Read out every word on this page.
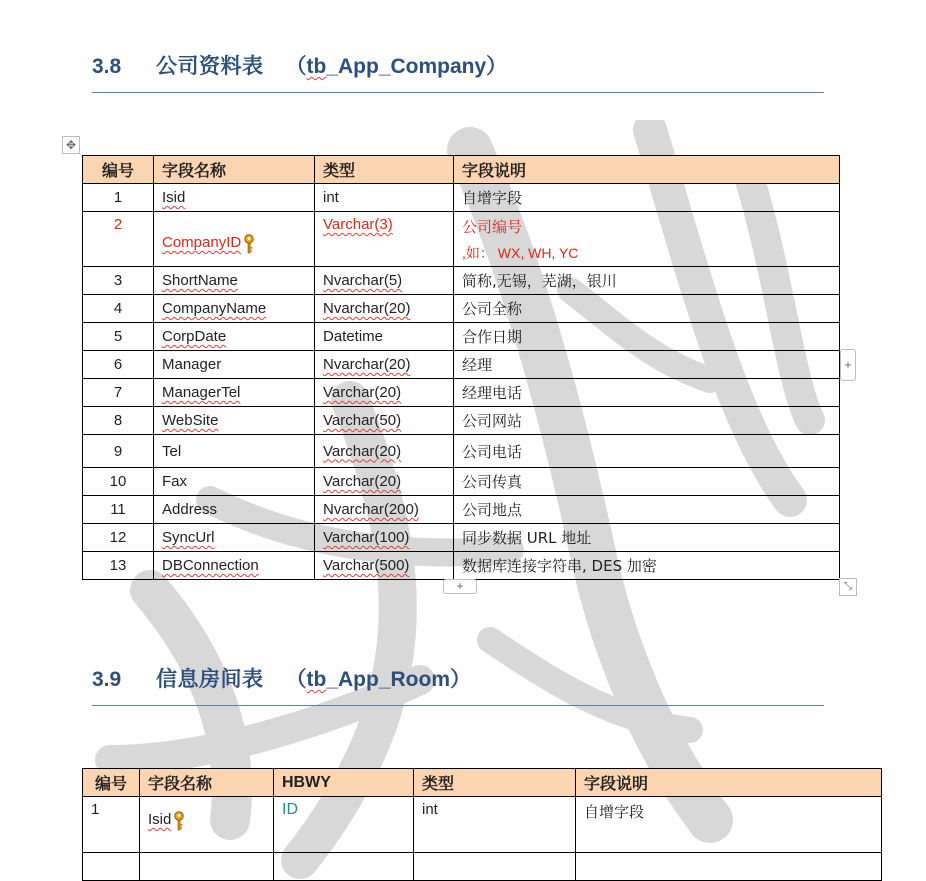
3.8	公司资料表 （tb_App_Company）
✥
编号	字段名称	类型	字段说明
1	Isid	int	自增字段
2	CompanyID	Varchar(3)	公司编号
,如： WX, WH, YC

3	ShortName	Nvarchar(5)	简称,无锡，芜湖，银川
4	CompanyName	Nvarchar(20)	公司全称
5	CorpDate	Datetime	合作日期
6	Manager	Nvarchar(20)	经理
7	ManagerTel	Varchar(20)	经理电话
8	WebSite	Varchar(50)	公司网站
9	Tel	Varchar(20)	公司电话
10	Fax	Varchar(20)	公司传真
11	Address	Nvarchar(200)	公司地点
12	SyncUrl	Varchar(100)	同步数据 URL 地址
13	DBConnection	Varchar(500)	数据库连接字符串, DES 加密
+
+	⤡
3.9	信息房间表 （tb_App_Room）
编号	字段名称	HBWY	类型	字段说明
1	Isid	ID	int	自增字段
